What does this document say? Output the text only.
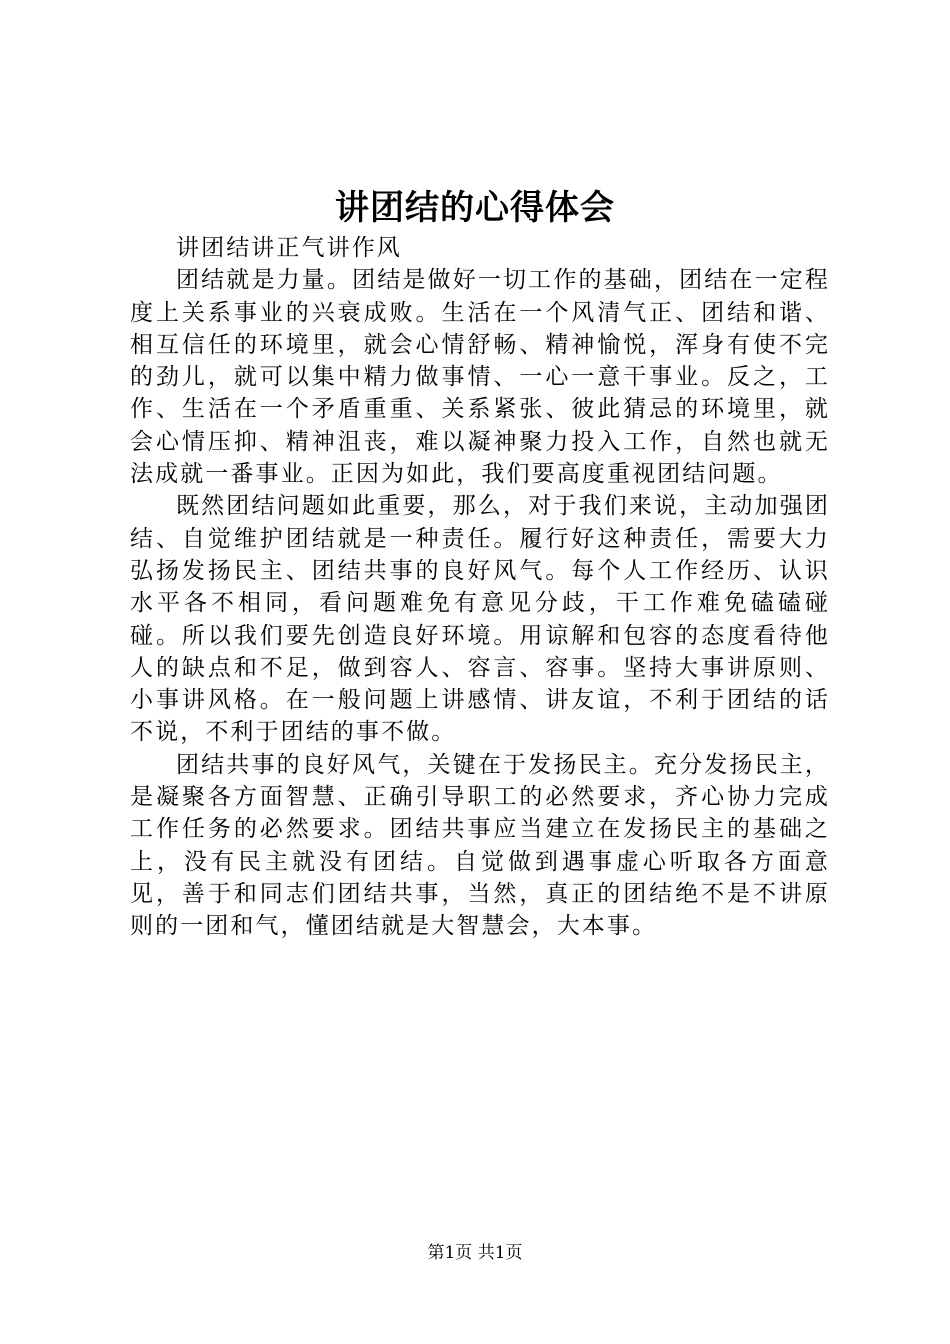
讲团结的心得体会

讲团结讲正气讲作风

团结就是力量。团结是做好一切工作的基础，团结在一定程度上关系事业的兴衰成败。生活在一个风清气正、团结和谐、相互信任的环境里，就会心情舒畅、精神愉悦，浑身有使不完的劲儿，就可以集中精力做事情、一心一意干事业。反之，工作、生活在一个矛盾重重、关系紧张、彼此猜忌的环境里，就会心情压抑、精神沮丧，难以凝神聚力投入工作，自然也就无法成就一番事业。正因为如此，我们要高度重视团结问题。

既然团结问题如此重要，那么，对于我们来说，主动加强团结、自觉维护团结就是一种责任。履行好这种责任，需要大力弘扬发扬民主、团结共事的良好风气。每个人工作经历、认识水平各不相同，看问题难免有意见分歧，干工作难免磕磕碰碰。所以我们要先创造良好环境。用谅解和包容的态度看待他人的缺点和不足，做到容人、容言、容事。坚持大事讲原则、小事讲风格。在一般问题上讲感情、讲友谊，不利于团结的话不说，不利于团结的事不做。

团结共事的良好风气，关键在于发扬民主。充分发扬民主，是凝聚各方面智慧、正确引导职工的必然要求，齐心协力完成工作任务的必然要求。团结共事应当建立在发扬民主的基础之上，没有民主就没有团结。自觉做到遇事虚心听取各方面意见，善于和同志们团结共事，当然，真正的团结绝不是不讲原则的一团和气，懂团结就是大智慧会，大本事。

第1页 共1页
